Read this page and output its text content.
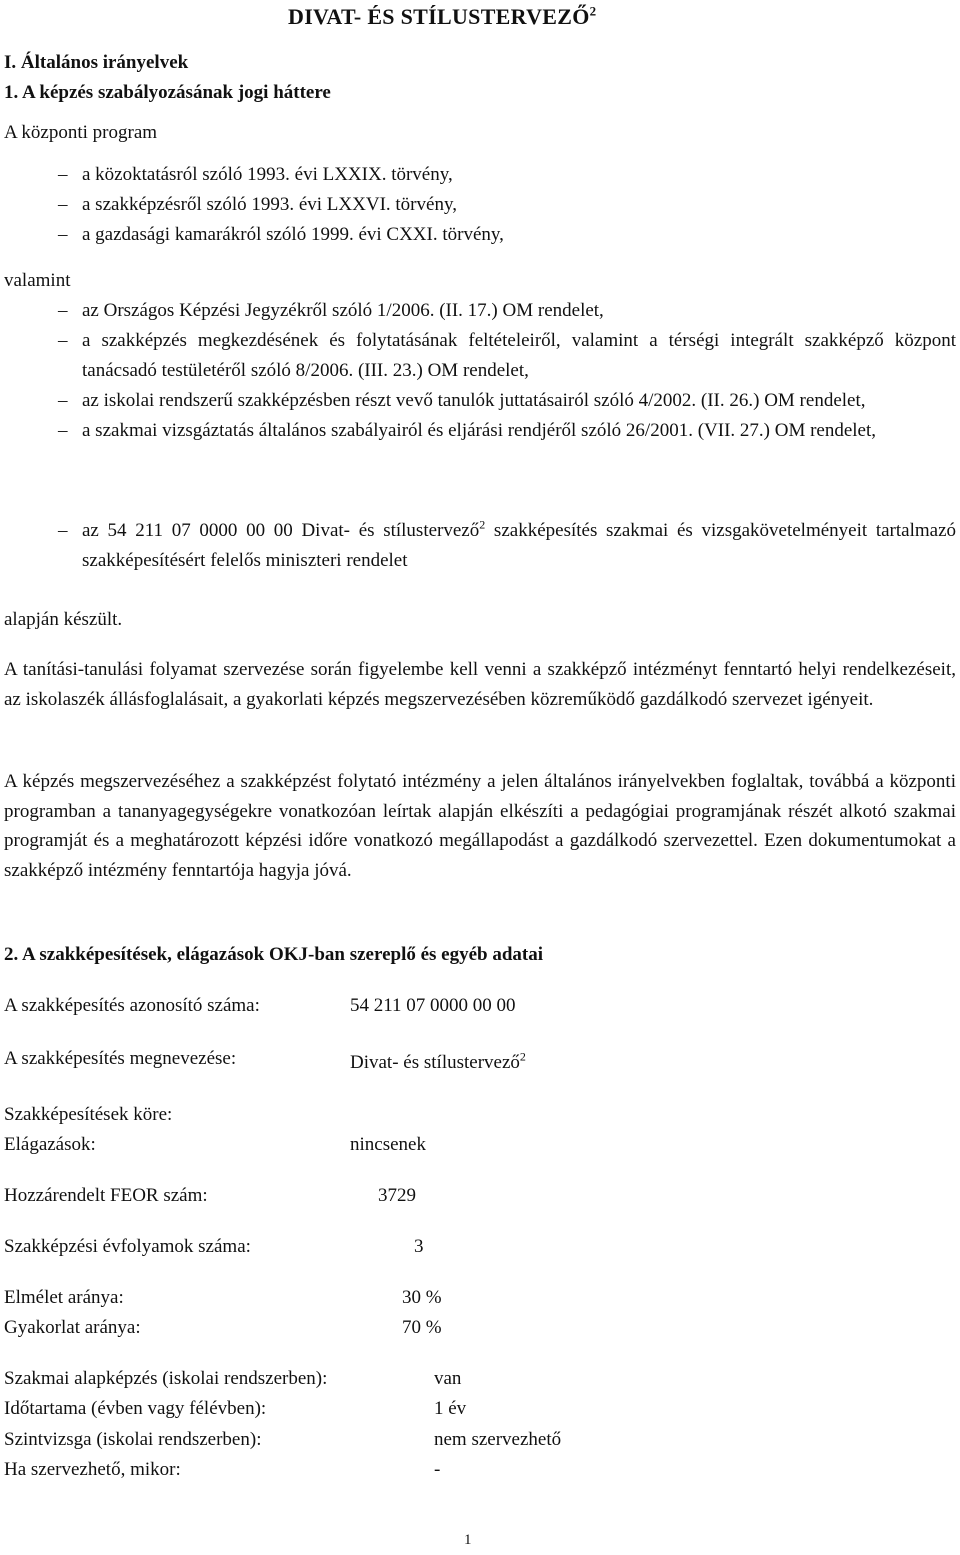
DIVAT- ÉS STÍLUSTERVEZŐ$^2$
I. Általános irányelvek
1. A képzés szabályozásának jogi háttere
A központi program
– a közoktatásról szóló 1993. évi LXXIX. törvény,
– a szakképzésről szóló 1993. évi LXXVI. törvény,
– a gazdasági kamarákról szóló 1999. évi CXXI. törvény,
valamint
– az Országos Képzési Jegyzékről szóló 1/2006. (II. 17.) OM rendelet,
– a szakképzés megkezdésének és folytatásának feltételeiről, valamint a térségi integrált szakképző központ tanácsadó testületéről szóló 8/2006. (III. 23.) OM rendelet,
– az iskolai rendszerű szakképzésben részt vevő tanulók juttatásairól szóló 4/2002. (II. 26.) OM rendelet,
– a szakmai vizsgáztatás általános szabályairól és eljárási rendjéről szóló 26/2001. (VII. 27.) OM rendelet,
– az 54 211 07 0000 00 00 Divat- és stílustervező$^2$ szakképesítés szakmai és vizsgakövetelményeit tartalmazó szakképesítésért felelős miniszteri rendelet
alapján készült.
A tanítási-tanulási folyamat szervezése során figyelembe kell venni a szakképző intézményt fenntartó helyi rendelkezéseit, az iskolaszék állásfoglalásait, a gyakorlati képzés megszervezésében közreműködő gazdálkodó szervezet igényeit.
A képzés megszervezéséhez a szakképzést folytató intézmény a jelen általános irányelvekben foglaltak, továbbá a központi programban a tananyagegységekre vonatkozóan leírtak alapján elkészíti a pedagógiai programjának részét alkotó szakmai programját és a meghatározott képzési időre vonatkozó megállapodást a gazdálkodó szervezettel. Ezen dokumentumokat a szakképző intézmény fenntartója hagyja jóvá.
2. A szakképesítések, elágazások OKJ-ban szereplő és egyéb adatai
A szakképesítés azonosító száma:	54 211 07 0000 00 00
A szakképesítés megnevezése:	Divat- és stílustervező$^2$
Szakképesítések köre:
Elágazások:	nincsenek
Hozzárendelt FEOR szám:	3729
Szakképzési évfolyamok száma:	3
Elmélet aránya:	30 %
Gyakorlat aránya:	70 %
Szakmai alapképzés (iskolai rendszerben):	van
Időtartama (évben vagy félévben):	1 év
Szintvizsga (iskolai rendszerben):	nem szervezhető
Ha szervezhető, mikor:	-
1
